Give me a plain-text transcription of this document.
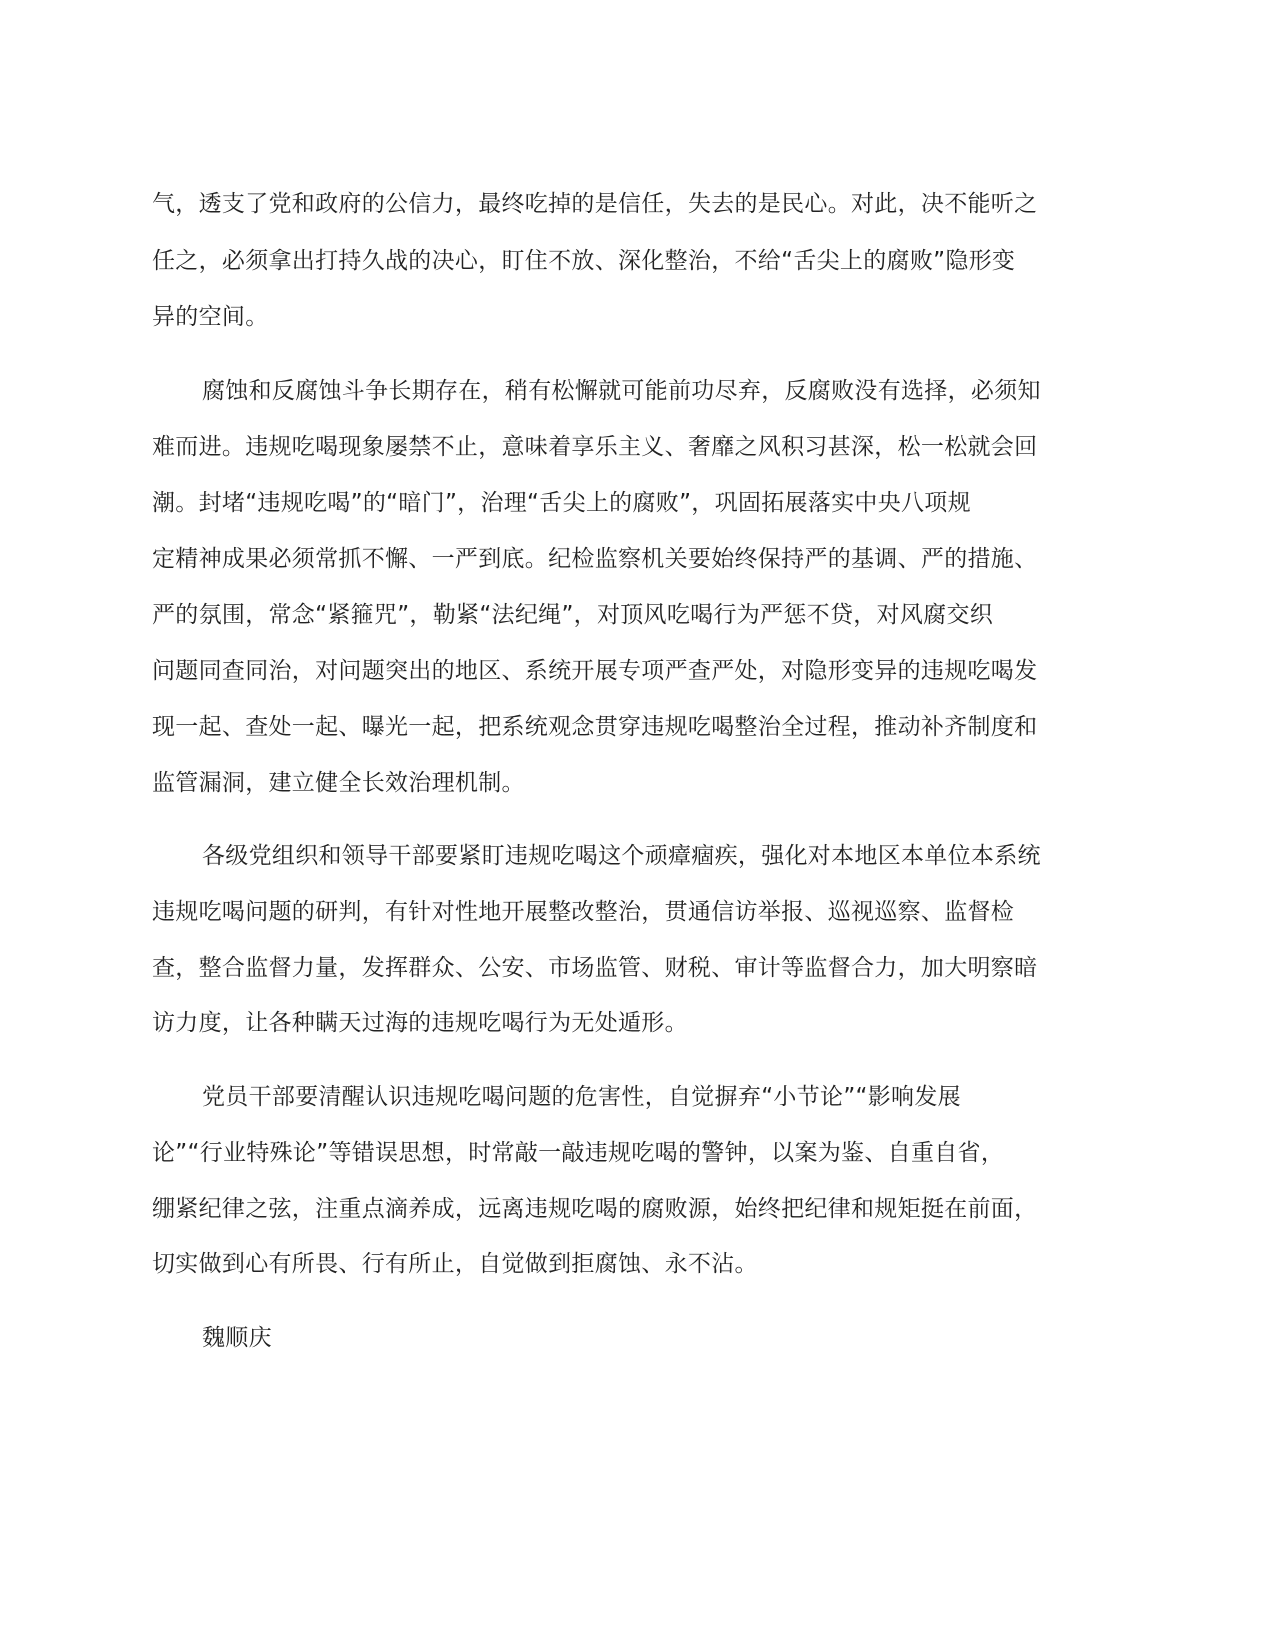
气，透支了党和政府的公信力，最终吃掉的是信任，失去的是民心。对此，决不能听之
任之，必须拿出打持久战的决心，盯住不放、深化整治，不给“舌尖上的腐败”隐形变
异的空间。
腐蚀和反腐蚀斗争长期存在，稍有松懈就可能前功尽弃，反腐败没有选择，必须知
难而进。违规吃喝现象屡禁不止，意味着享乐主义、奢靡之风积习甚深，松一松就会回
潮。封堵“违规吃喝”的“暗门”，治理“舌尖上的腐败”，巩固拓展落实中央八项规
定精神成果必须常抓不懈、一严到底。纪检监察机关要始终保持严的基调、严的措施、
严的氛围，常念“紧箍咒”，勒紧“法纪绳”，对顶风吃喝行为严惩不贷，对风腐交织
问题同查同治，对问题突出的地区、系统开展专项严查严处，对隐形变异的违规吃喝发
现一起、查处一起、曝光一起，把系统观念贯穿违规吃喝整治全过程，推动补齐制度和
监管漏洞，建立健全长效治理机制。
各级党组织和领导干部要紧盯违规吃喝这个顽瘴痼疾，强化对本地区本单位本系统
违规吃喝问题的研判，有针对性地开展整改整治，贯通信访举报、巡视巡察、监督检
查，整合监督力量，发挥群众、公安、市场监管、财税、审计等监督合力，加大明察暗
访力度，让各种瞒天过海的违规吃喝行为无处遁形。
党员干部要清醒认识违规吃喝问题的危害性，自觉摒弃“小节论”“影响发展
论”“行业特殊论”等错误思想，时常敲一敲违规吃喝的警钟，以案为鉴、自重自省，
绷紧纪律之弦，注重点滴养成，远离违规吃喝的腐败源，始终把纪律和规矩挺在前面，
切实做到心有所畏、行有所止，自觉做到拒腐蚀、永不沾。
魏顺庆
